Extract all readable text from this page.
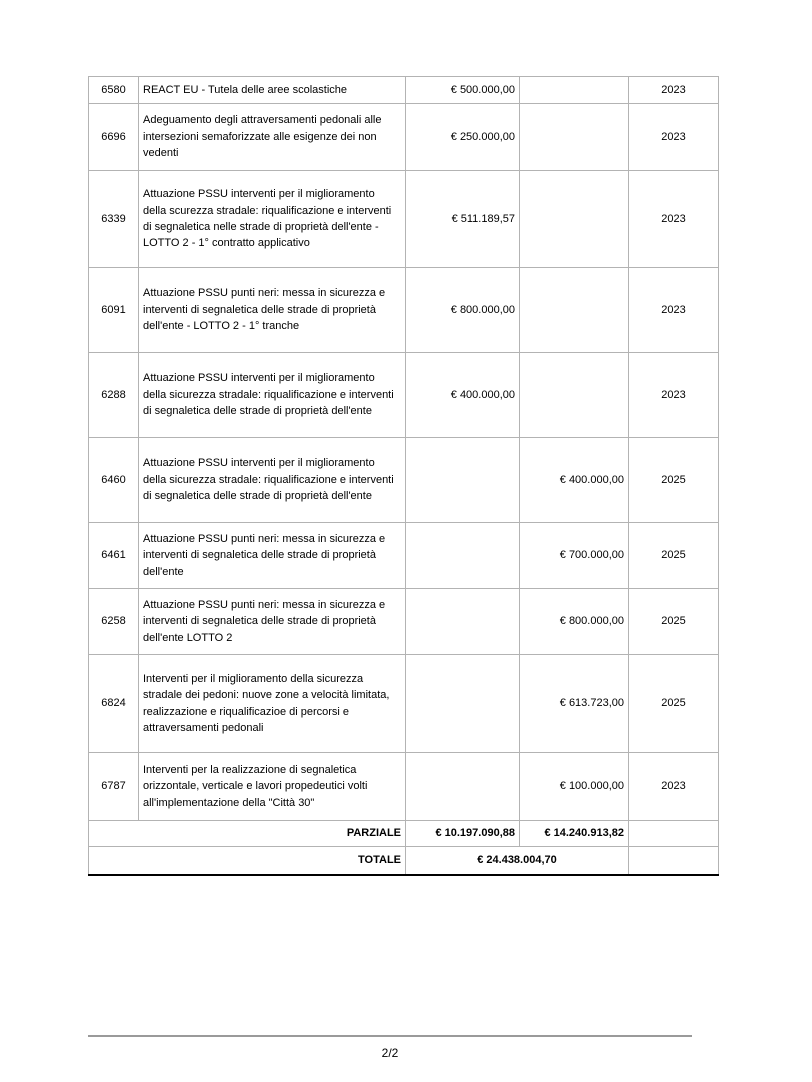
6580	REACT EU - Tutela delle aree scolastiche	€ 500.000,00		2023
6696	Adeguamento degli attraversamenti pedonali alle intersezioni semaforizzate alle esigenze dei non vedenti	€ 250.000,00		2023
6339	Attuazione PSSU interventi per il miglioramento della scurezza stradale: riqualificazione e interventi di segnaletica nelle strade di proprietà dell'ente - LOTTO 2 - 1° contratto applicativo	€ 511.189,57		2023
6091	Attuazione PSSU punti neri: messa in sicurezza e interventi di segnaletica delle strade di proprietà dell'ente - LOTTO 2 - 1° tranche	€ 800.000,00		2023
6288	Attuazione PSSU interventi per il miglioramento della sicurezza stradale: riqualificazione e interventi di segnaletica delle strade di proprietà dell'ente	€ 400.000,00		2023
6460	Attuazione PSSU interventi per il miglioramento della sicurezza stradale: riqualificazione e interventi di segnaletica delle strade di proprietà dell'ente		€ 400.000,00	2025
6461	Attuazione PSSU punti neri: messa in sicurezza e interventi di segnaletica delle strade di proprietà dell'ente		€ 700.000,00	2025
6258	Attuazione PSSU punti neri: messa in sicurezza e interventi di segnaletica delle strade di proprietà dell'ente LOTTO 2		€ 800.000,00	2025
6824	Interventi per il miglioramento della sicurezza stradale dei pedoni: nuove zone a velocità limitata, realizzazione e riqualificazioe di percorsi e attraversamenti pedonali		€ 613.723,00	2025
6787	Interventi per la realizzazione di segnaletica orizzontale, verticale e lavori propedeutici volti all'implementazione della "Città 30"		€ 100.000,00	2023
PARZIALE		€ 10.197.090,88	€ 14.240.913,82	
TOTALE		€ 24.438.004,70		
2/2
